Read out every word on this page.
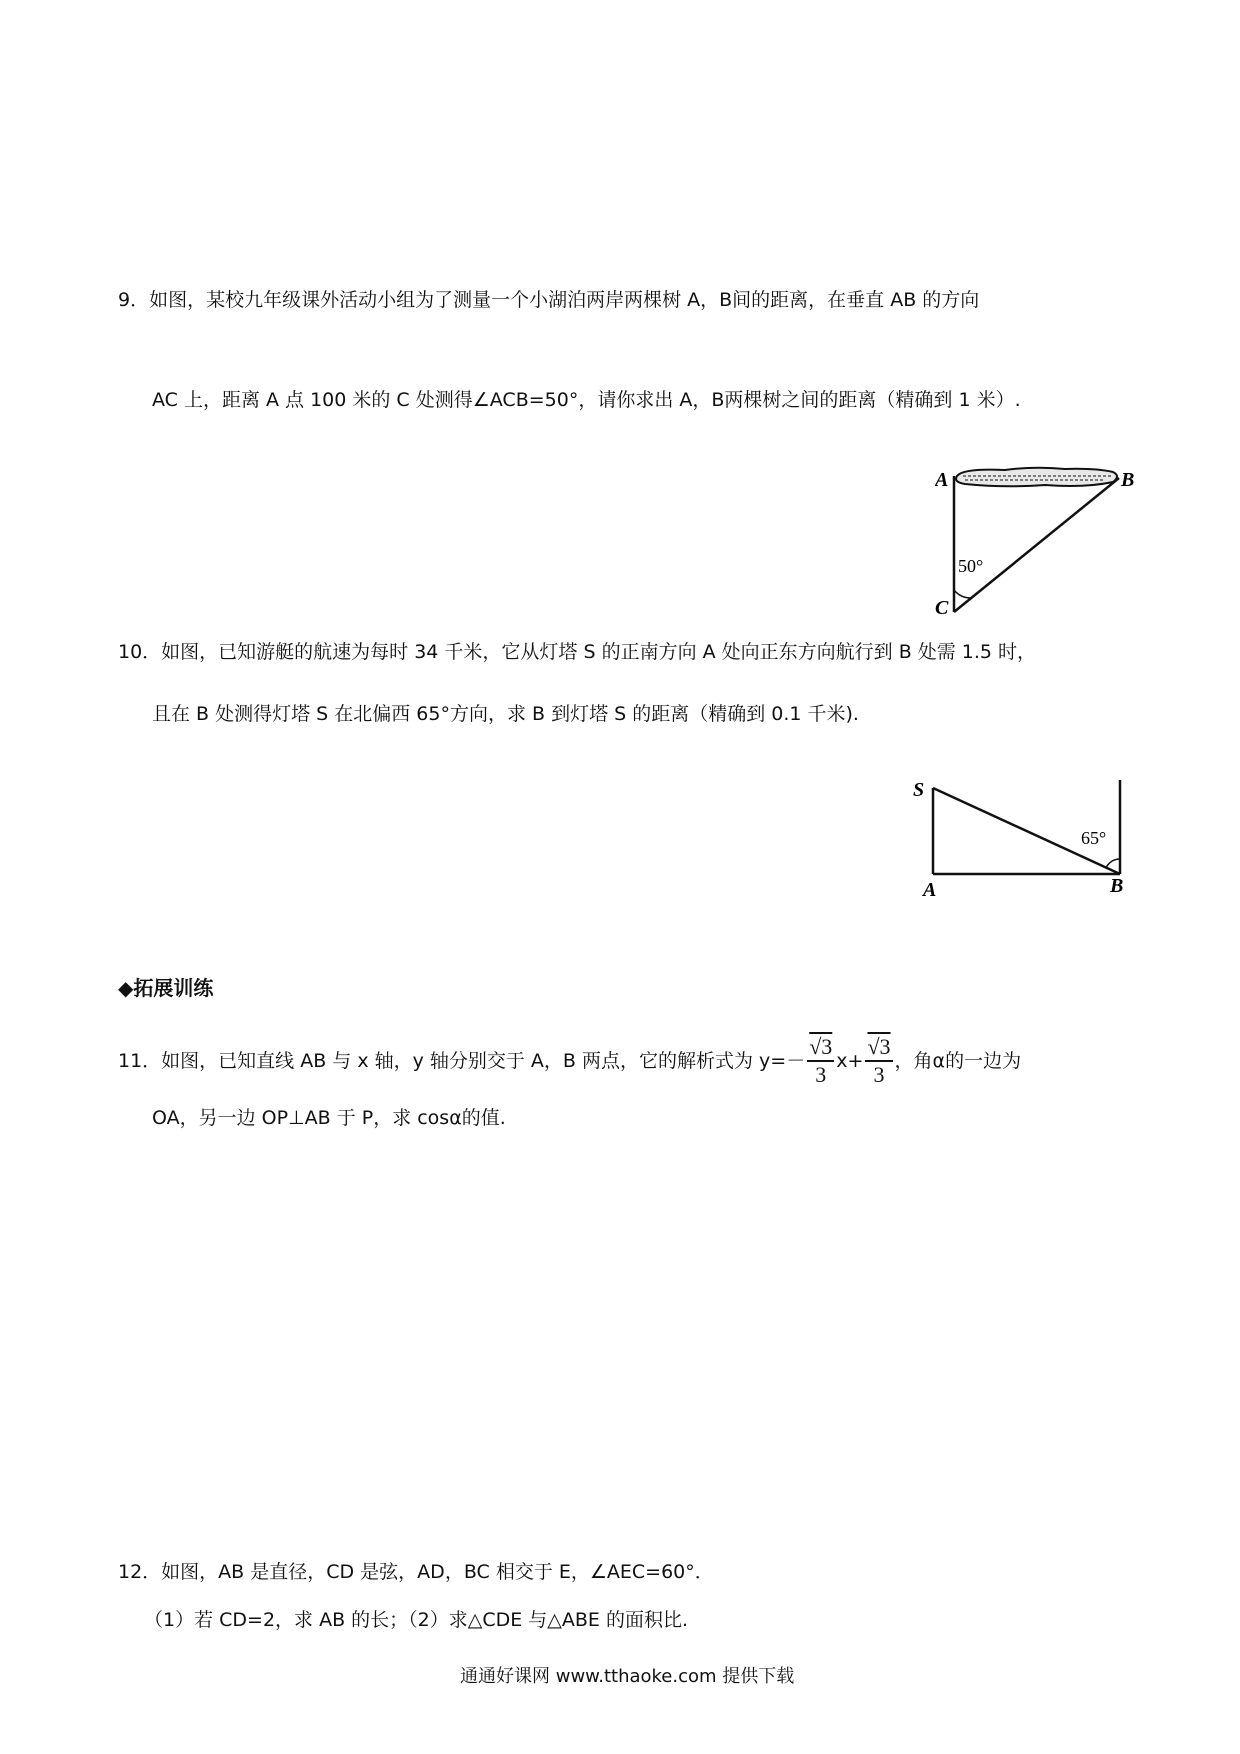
9．如图，某校九年级课外活动小组为了测量一个小湖泊两岸两棵树 A，B间的距离，在垂直 AB 的方向
AC 上，距离 A 点 100 米的 C 处测得∠ACB=50°，请你求出 A，B两棵树之间的距离（精确到 1 米）.
A	B
C
50°
10．如图，已知游艇的航速为每时 34 千米，它从灯塔 S 的正南方向 A 处向正东方向航行到 B 处需 1.5 时，
且在 B 处测得灯塔 S 在北偏西 65°方向，求 B 到灯塔 S 的距离（精确到 0.1 千米).
S
A	B
65°
◆拓展训练
11．如图，已知直线 AB 与 x 轴，y 轴分别交于 A，B 两点，它的解析式为 $y=- \frac{√3}{3} x+ \frac{√3}{3}$ ，角α的一边为
OA，另一边 OP⊥AB 于 P，求 cosα的值.
12．如图，AB 是直径，CD 是弦，AD，BC 相交于 E，∠AEC=60°．
（1）若 CD=2，求 AB 的长；（2）求△CDE 与△ABE 的面积比.
通通好课网 www.tthaoke.com 提供下载
